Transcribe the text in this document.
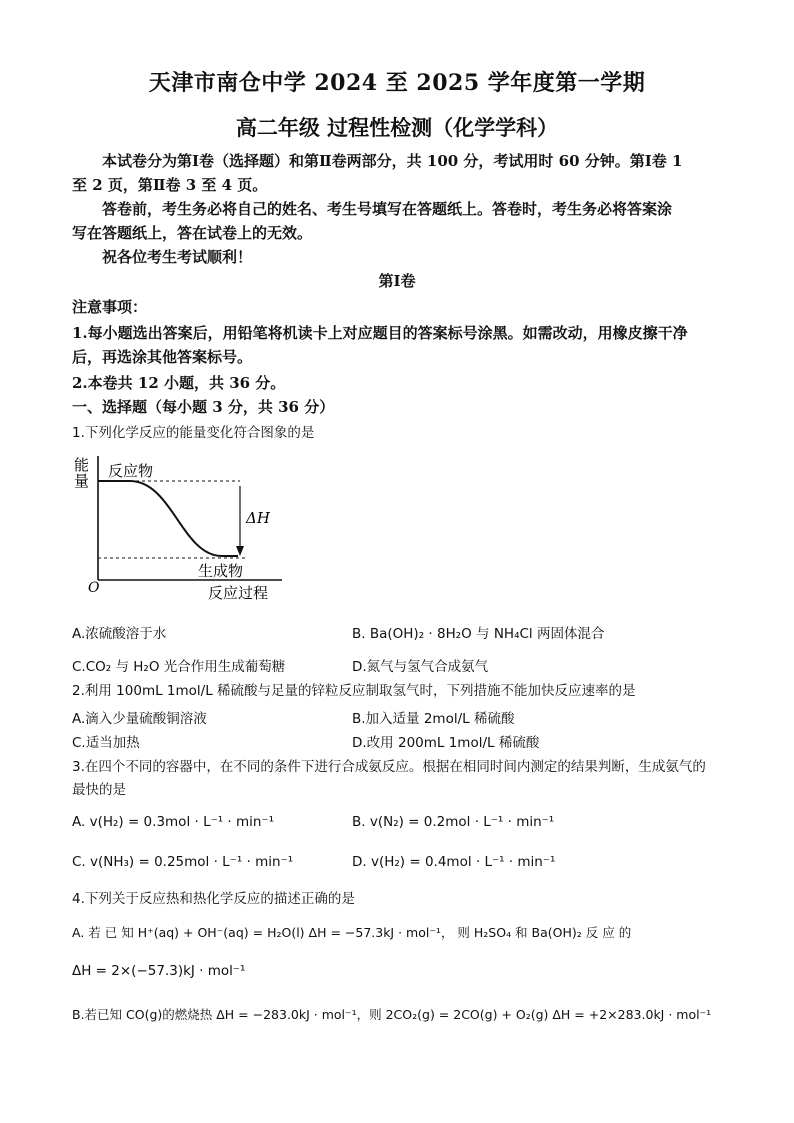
天津市南仓中学 2024 至 2025 学年度第一学期
高二年级 过程性检测（化学学科）
本试卷分为第Ⅰ卷（选择题）和第Ⅱ卷两部分，共 100 分，考试用时 60 分钟。第Ⅰ卷 1
至 2 页，第Ⅱ卷 3 至 4 页。
答卷前，考生务必将自己的姓名、考生号填写在答题纸上。答卷时，考生务必将答案涂
写在答题纸上，答在试卷上的无效。
祝各位考生考试顺利！
第Ⅰ卷
注意事项：
1.每小题选出答案后，用铅笔将机读卡上对应题目的答案标号涂黑。如需改动，用橡皮擦干净
后，再选涂其他答案标号。
2.本卷共 12 小题，共 36 分。
一、选择题（每小题 3 分，共 36 分）
1.下列化学反应的能量变化符合图象的是
能
量
反应物
生成物
ΔH
O	反应过程
A.浓硫酸溶于水	B. Ba(OH)₂ · 8H₂O 与 NH₄Cl 两固体混合
C.CO₂ 与 H₂O 光合作用生成葡萄糖	D.氮气与氢气合成氨气
2.利用 100mL 1mol/L 稀硫酸与足量的锌粒反应制取氢气时，下列措施不能加快反应速率的是
A.滴入少量硫酸铜溶液	B.加入适量 2mol/L 稀硫酸
C.适当加热	D.改用 200mL 1mol/L 稀硫酸
3.在四个不同的容器中，在不同的条件下进行合成氨反应。根据在相同时间内测定的结果判断，生成氨气的
最快的是
A. v(H₂) = 0.3mol · L⁻¹ · min⁻¹	B. v(N₂) = 0.2mol · L⁻¹ · min⁻¹
C. v(NH₃) = 0.25mol · L⁻¹ · min⁻¹	D. v(H₂) = 0.4mol · L⁻¹ · min⁻¹
4.下列关于反应热和热化学反应的描述正确的是
A. 若 已 知 H⁺(aq) + OH⁻(aq) = H₂O(l) ΔH = −57.3kJ · mol⁻¹， 则 H₂SO₄ 和 Ba(OH)₂ 反 应 的
ΔH = 2×(−57.3)kJ · mol⁻¹
B.若已知 CO(g)的燃烧热 ΔH = −283.0kJ · mol⁻¹，则 2CO₂(g) = 2CO(g) + O₂(g) ΔH = +2×283.0kJ · mol⁻¹
